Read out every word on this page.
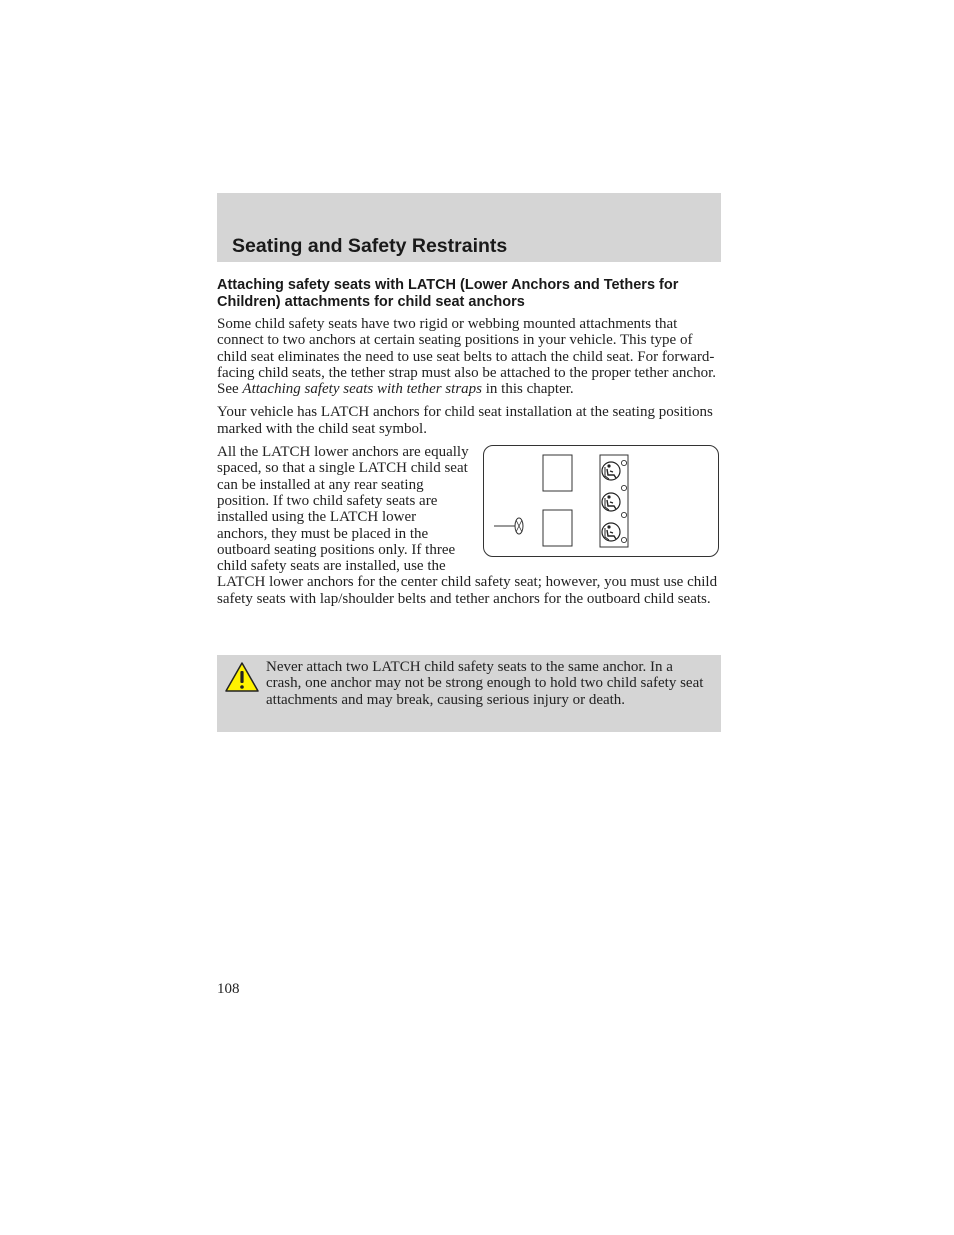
Seating and Safety Restraints
Attaching safety seats with LATCH (Lower Anchors and Tethers for Children) attachments for child seat anchors

Some child safety seats have two rigid or webbing mounted attachments that connect to two anchors at certain seating positions in your vehicle. This type of child seat eliminates the need to use seat belts to attach the child seat. For forward-facing child seats, the tether strap must also be attached to the proper tether anchor. See Attaching safety seats with tether straps in this chapter.

Your vehicle has LATCH anchors for child seat installation at the seating positions marked with the child seat symbol.

All the LATCH lower anchors are equally spaced, so that a single LATCH child seat can be installed at any rear seating position. If two child safety seats are installed using the LATCH lower anchors, they must be placed in the outboard seating positions only. If three child safety seats are installed, use the LATCH lower anchors for the center child safety seat; however, you must use child safety seats with lap/shoulder belts and tether anchors for the outboard child seats.

Never attach two LATCH child safety seats to the same anchor. In a crash, one anchor may not be strong enough to hold two child safety seat attachments and may break, causing serious injury or death.

108
